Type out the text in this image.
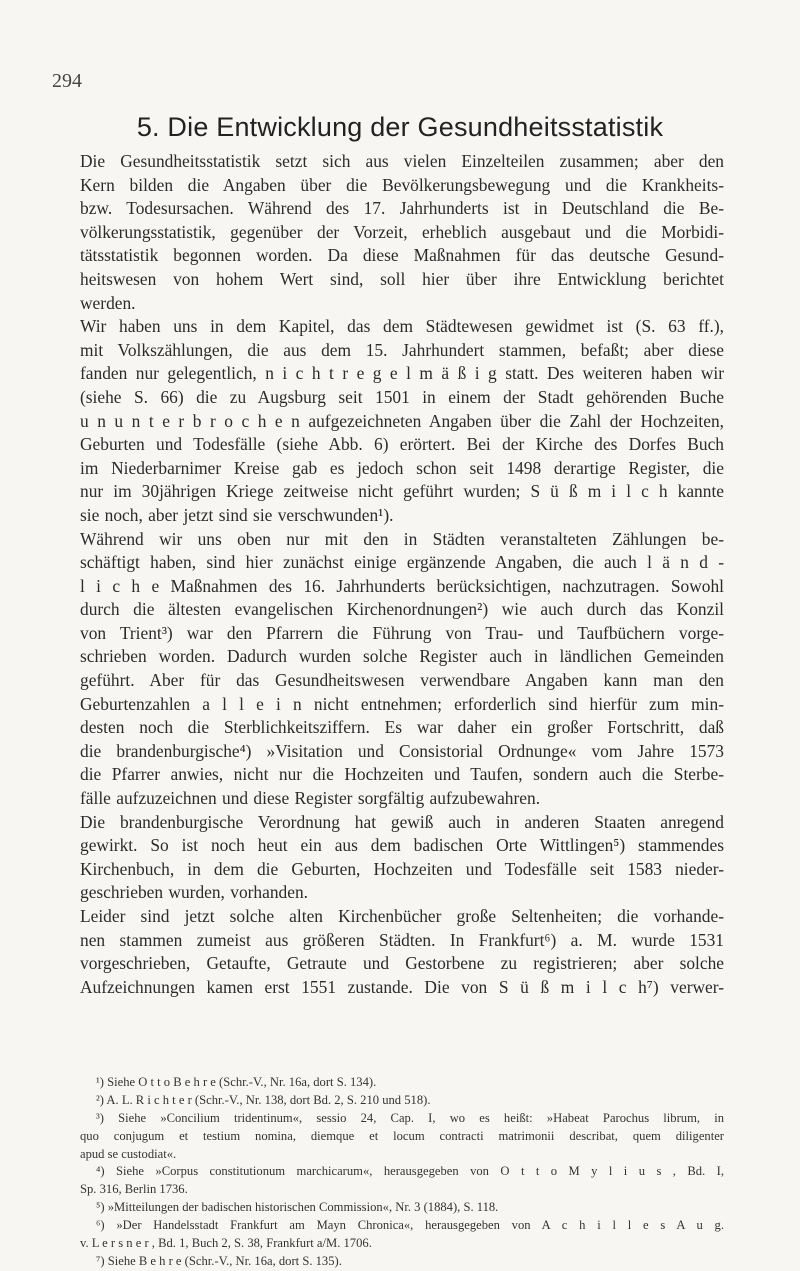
294
5. Die Entwicklung der Gesundheitsstatistik
Die Gesundheitsstatistik setzt sich aus vielen Einzelteilen zusammen; aber den
Kern bilden die Angaben über die Bevölkerungsbewegung und die Krankheits-
bzw. Todesursachen. Während des 17. Jahrhunderts ist in Deutschland die Be-
völkerungsstatistik, gegenüber der Vorzeit, erheblich ausgebaut und die Morbidi-
tätsstatistik begonnen worden. Da diese Maßnahmen für das deutsche Gesund-
heitswesen von hohem Wert sind, soll hier über ihre Entwicklung berichtet
werden.
Wir haben uns in dem Kapitel, das dem Städtewesen gewidmet ist (S. 63 ff.),
mit Volkszählungen, die aus dem 15. Jahrhundert stammen, befaßt; aber diese
fanden nur gelegentlich, n i c h t r e g e l m ä ß i g statt. Des weiteren haben wir
(siehe S. 66) die zu Augsburg seit 1501 in einem der Stadt gehörenden Buche
u n u n t e r b r o c h e n aufgezeichneten Angaben über die Zahl der Hochzeiten,
Geburten und Todesfälle (siehe Abb. 6) erörtert. Bei der Kirche des Dorfes Buch
im Niederbarnimer Kreise gab es jedoch schon seit 1498 derartige Register, die
nur im 30jährigen Kriege zeitweise nicht geführt wurden; S ü ß m i l c h kannte
sie noch, aber jetzt sind sie verschwunden¹).
Während wir uns oben nur mit den in Städten veranstalteten Zählungen be-
schäftigt haben, sind hier zunächst einige ergänzende Angaben, die auch l ä n d -
l i c h e Maßnahmen des 16. Jahrhunderts berücksichtigen, nachzutragen. Sowohl
durch die ältesten evangelischen Kirchenordnungen²) wie auch durch das Konzil
von Trient³) war den Pfarrern die Führung von Trau- und Taufbüchern vorge-
schrieben worden. Dadurch wurden solche Register auch in ländlichen Gemeinden
geführt. Aber für das Gesundheitswesen verwendbare Angaben kann man den
Geburtenzahlen a l l e i n nicht entnehmen; erforderlich sind hierfür zum min-
desten noch die Sterblichkeitsziffern. Es war daher ein großer Fortschritt, daß
die brandenburgische⁴) »Visitation und Consistorial Ordnunge« vom Jahre 1573
die Pfarrer anwies, nicht nur die Hochzeiten und Taufen, sondern auch die Sterbe-
fälle aufzuzeichnen und diese Register sorgfältig aufzubewahren.
Die brandenburgische Verordnung hat gewiß auch in anderen Staaten anregend
gewirkt. So ist noch heut ein aus dem badischen Orte Wittlingen⁵) stammendes
Kirchenbuch, in dem die Geburten, Hochzeiten und Todesfälle seit 1583 nieder-
geschrieben wurden, vorhanden.
Leider sind jetzt solche alten Kirchenbücher große Seltenheiten; die vorhande-
nen stammen zumeist aus größeren Städten. In Frankfurt⁶) a. M. wurde 1531
vorgeschrieben, Getaufte, Getraute und Gestorbene zu registrieren; aber solche
Aufzeichnungen kamen erst 1551 zustande. Die von S ü ß m i l c h⁷) verwer-
¹) Siehe O t t o B e h r e (Schr.-V., Nr. 16a, dort S. 134).
²) A. L. R i c h t e r (Schr.-V., Nr. 138, dort Bd. 2, S. 210 und 518).
³) Siehe »Concilium tridentinum«, sessio 24, Cap. I, wo es heißt: »Habeat Parochus librum, in
quo conjugum et testium nomina, diemque et locum contracti matrimonii describat, quem diligenter
apud se custodiat«.
⁴) Siehe »Corpus constitutionum marchicarum«, herausgegeben von O t t o M y l i u s , Bd. I,
Sp. 316, Berlin 1736.
⁵) »Mitteilungen der badischen historischen Commission«, Nr. 3 (1884), S. 118.
⁶) »Der Handelsstadt Frankfurt am Mayn Chronica«, herausgegeben von A c h i l l e s A u g.
v. L e r s n e r , Bd. 1, Buch 2, S. 38, Frankfurt a/M. 1706.
⁷) Siehe B e h r e (Schr.-V., Nr. 16a, dort S. 135).
